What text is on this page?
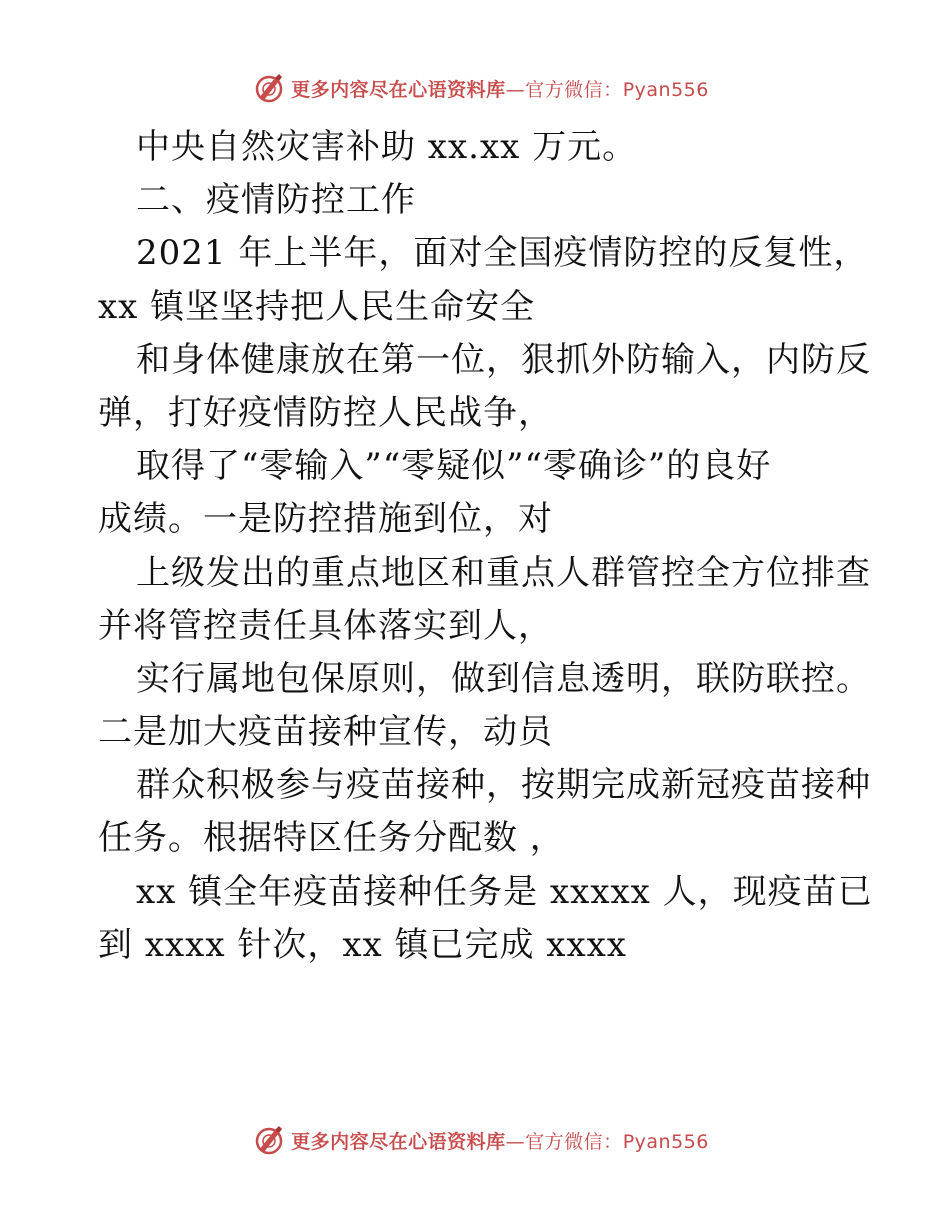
更多内容尽在心语资料库—官方微信：Pyan556
中央自然灾害补助 xx.xx 万元。
二、疫情防控工作
2021 年上半年，面对全国疫情防控的反复性，
xx 镇坚坚持把人民生命安全
和身体健康放在第一位，狠抓外防输入，内防反
弹，打好疫情防控人民战争，
取得了“零输入”“零疑似”“零确诊”的良好
成绩。一是防控措施到位，对
上级发出的重点地区和重点人群管控全方位排查
并将管控责任具体落实到人，
实行属地包保原则，做到信息透明，联防联控。
二是加大疫苗接种宣传，动员
群众积极参与疫苗接种，按期完成新冠疫苗接种
任务。根据特区任务分配数 ，
xx 镇全年疫苗接种任务是 xxxxx 人，现疫苗已
到 xxxx 针次，xx 镇已完成 xxxx
更多内容尽在心语资料库—官方微信：Pyan556
